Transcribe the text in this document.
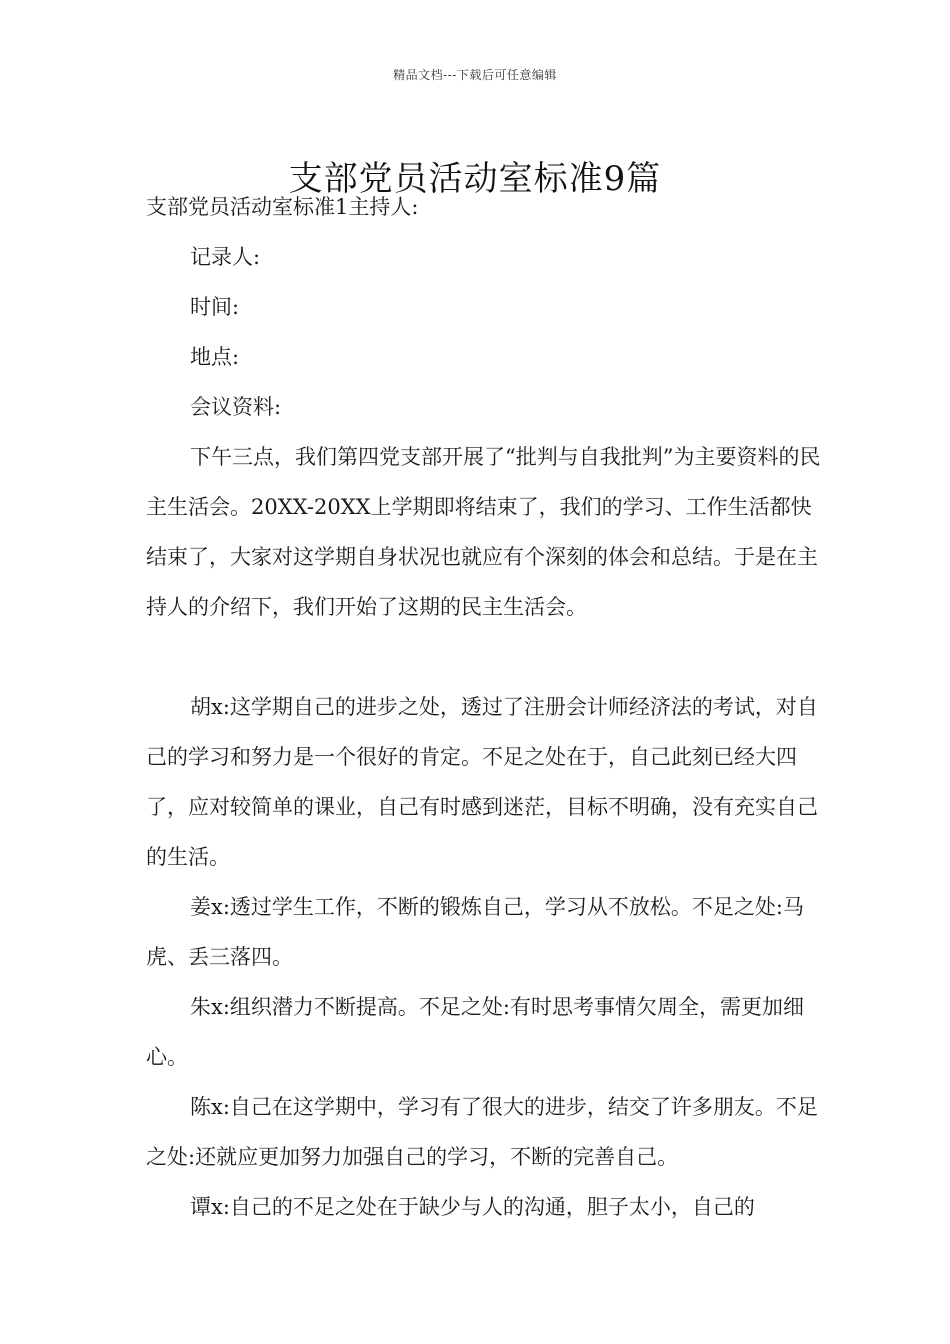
精品文档---下载后可任意编辑
支部党员活动室标准9篇

支部党员活动室标准1主持人:

记录人:

时间:

地点:

会议资料:

下午三点，我们第四党支部开展了“批判与自我批判”为主要资料的民主生活会。20XX-20XX上学期即将结束了，我们的学习、工作生活都快结束了，大家对这学期自身状况也就应有个深刻的体会和总结。于是在主持人的介绍下，我们开始了这期的民主生活会。

胡x:这学期自己的进步之处，透过了注册会计师经济法的考试，对自己的学习和努力是一个很好的肯定。不足之处在于，自己此刻已经大四了，应对较简单的课业，自己有时感到迷茫，目标不明确，没有充实自己的生活。

姜x:透过学生工作，不断的锻炼自己，学习从不放松。不足之处:马虎、丢三落四。

朱x:组织潜力不断提高。不足之处:有时思考事情欠周全，需更加细心。

陈x:自己在这学期中，学习有了很大的进步，结交了许多朋友。不足之处:还就应更加努力加强自己的学习，不断的完善自己。

谭x:自己的不足之处在于缺少与人的沟通，胆子太小，自己的
